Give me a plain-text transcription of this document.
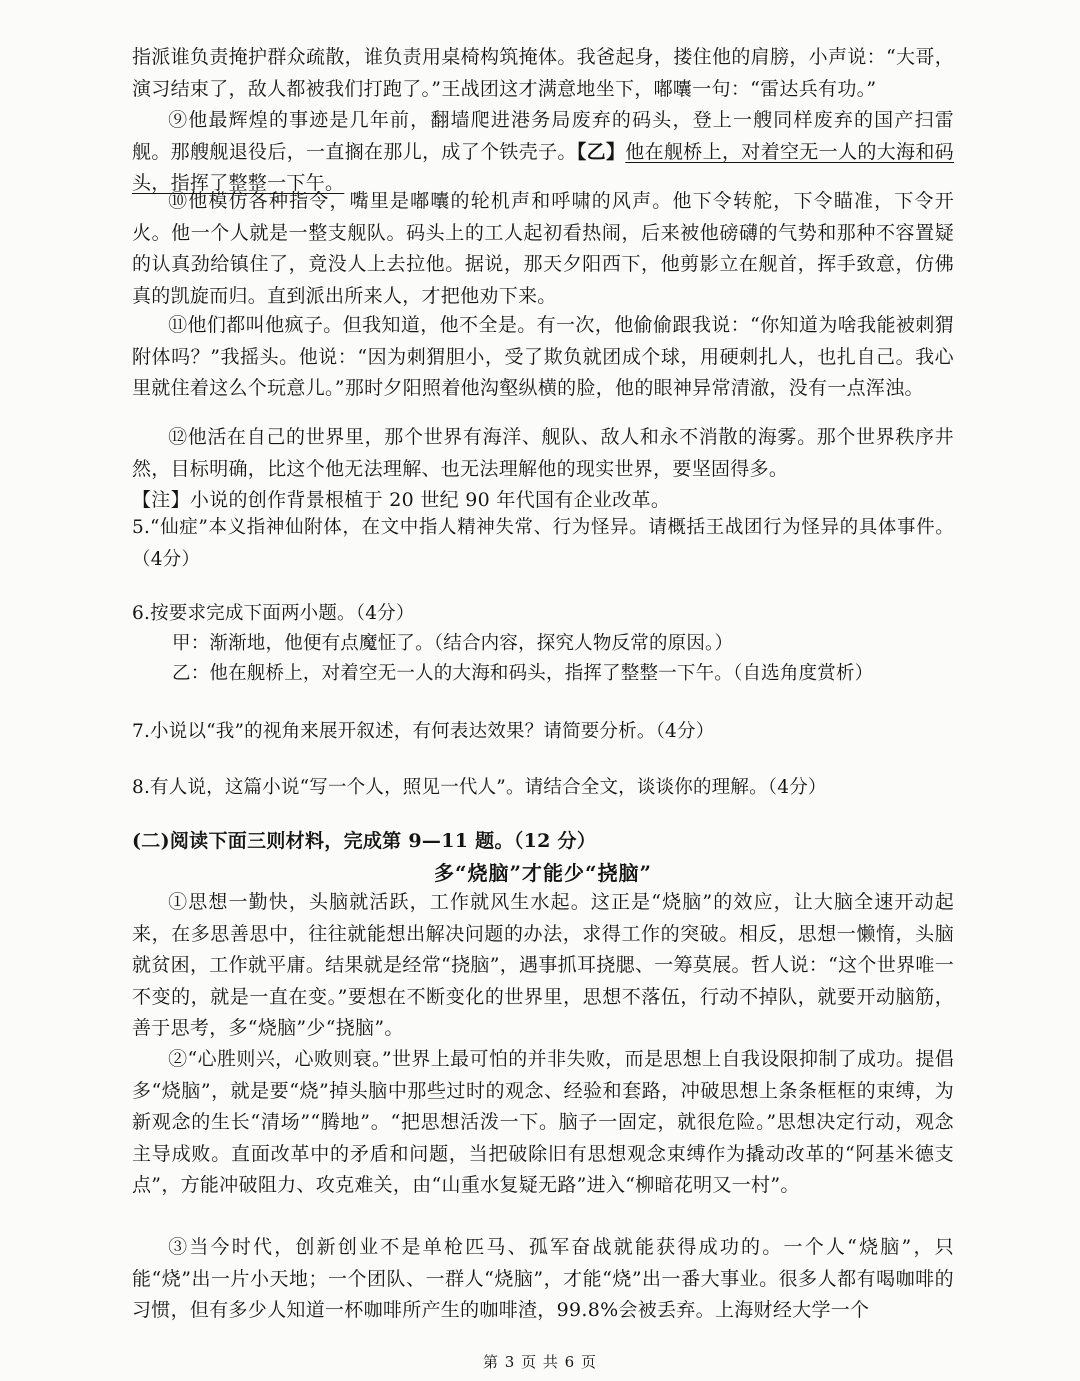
指派谁负责掩护群众疏散，谁负责用桌椅构筑掩体。我爸起身，搂住他的肩膀，小声说：“大哥，演习结束了，敌人都被我们打跑了。”王战团这才满意地坐下，嘟囔一句：“雷达兵有功。”

⑨他最辉煌的事迹是几年前，翻墙爬进港务局废弃的码头，登上一艘同样废弃的国产扫雷舰。那艘舰退役后，一直搁在那儿，成了个铁壳子。【乙】他在舰桥上，对着空无一人的大海和码头，指挥了整整一下午。

⑩他模仿各种指令，嘴里是嘟囔的轮机声和呼啸的风声。他下令转舵，下令瞄准，下令开火。他一个人就是一整支舰队。码头上的工人起初看热闹，后来被他磅礴的气势和那种不容置疑的认真劲给镇住了，竟没人上去拉他。据说，那天夕阳西下，他剪影立在舰首，挥手致意，仿佛真的凯旋而归。直到派出所来人，才把他劝下来。

⑪他们都叫他疯子。但我知道，他不全是。有一次，他偷偷跟我说：“你知道为啥我能被刺猬附体吗？”我摇头。他说：“因为刺猬胆小，受了欺负就团成个球，用硬刺扎人，也扎自己。我心里就住着这么个玩意儿。”那时夕阳照着他沟壑纵横的脸，他的眼神异常清澈，没有一点浑浊。

⑫他活在自己的世界里，那个世界有海洋、舰队、敌人和永不消散的海雾。那个世界秩序井然，目标明确，比这个他无法理解、也无法理解他的现实世界，要坚固得多。

【注】小说的创作背景根植于 20 世纪 90 年代国有企业改革。

5.“仙症”本义指神仙附体，在文中指人精神失常、行为怪异。请概括王战团行为怪异的具体事件。（4分）

6.按要求完成下面两小题。（4分）

甲：渐渐地，他便有点魔怔了。（结合内容，探究人物反常的原因。）

乙：他在舰桥上，对着空无一人的大海和码头，指挥了整整一下午。（自选角度赏析）

7.小说以“我”的视角来展开叙述，有何表达效果？请简要分析。（4分）

8.有人说，这篇小说“写一个人，照见一代人”。请结合全文，谈谈你的理解。（4分）

(二)阅读下面三则材料，完成第 9—11 题。（12 分）

多“烧脑”才能少“挠脑”

①思想一勤快，头脑就活跃，工作就风生水起。这正是“烧脑”的效应，让大脑全速开动起来，在多思善思中，往往就能想出解决问题的办法，求得工作的突破。相反，思想一懒惰，头脑就贫困，工作就平庸。结果就是经常“挠脑”，遇事抓耳挠腮、一筹莫展。哲人说：“这个世界唯一不变的，就是一直在变。”要想在不断变化的世界里，思想不落伍，行动不掉队，就要开动脑筋，善于思考，多“烧脑”少“挠脑”。

②“心胜则兴，心败则衰。”世界上最可怕的并非失败，而是思想上自我设限抑制了成功。提倡多“烧脑”，就是要“烧”掉头脑中那些过时的观念、经验和套路，冲破思想上条条框框的束缚，为新观念的生长“清场”“腾地”。“把思想活泼一下。脑子一固定，就很危险。”思想决定行动，观念主导成败。直面改革中的矛盾和问题，当把破除旧有思想观念束缚作为撬动改革的“阿基米德支点”，方能冲破阻力、攻克难关，由“山重水复疑无路”进入“柳暗花明又一村”。

③当今时代，创新创业不是单枪匹马、孤军奋战就能获得成功的。一个人“烧脑”，只能“烧”出一片小天地；一个团队、一群人“烧脑”，才能“烧”出一番大事业。很多人都有喝咖啡的习惯，但有多少人知道一杯咖啡所产生的咖啡渣，99.8%会被丢弃。上海财经大学一个

第 3 页 共 6 页
